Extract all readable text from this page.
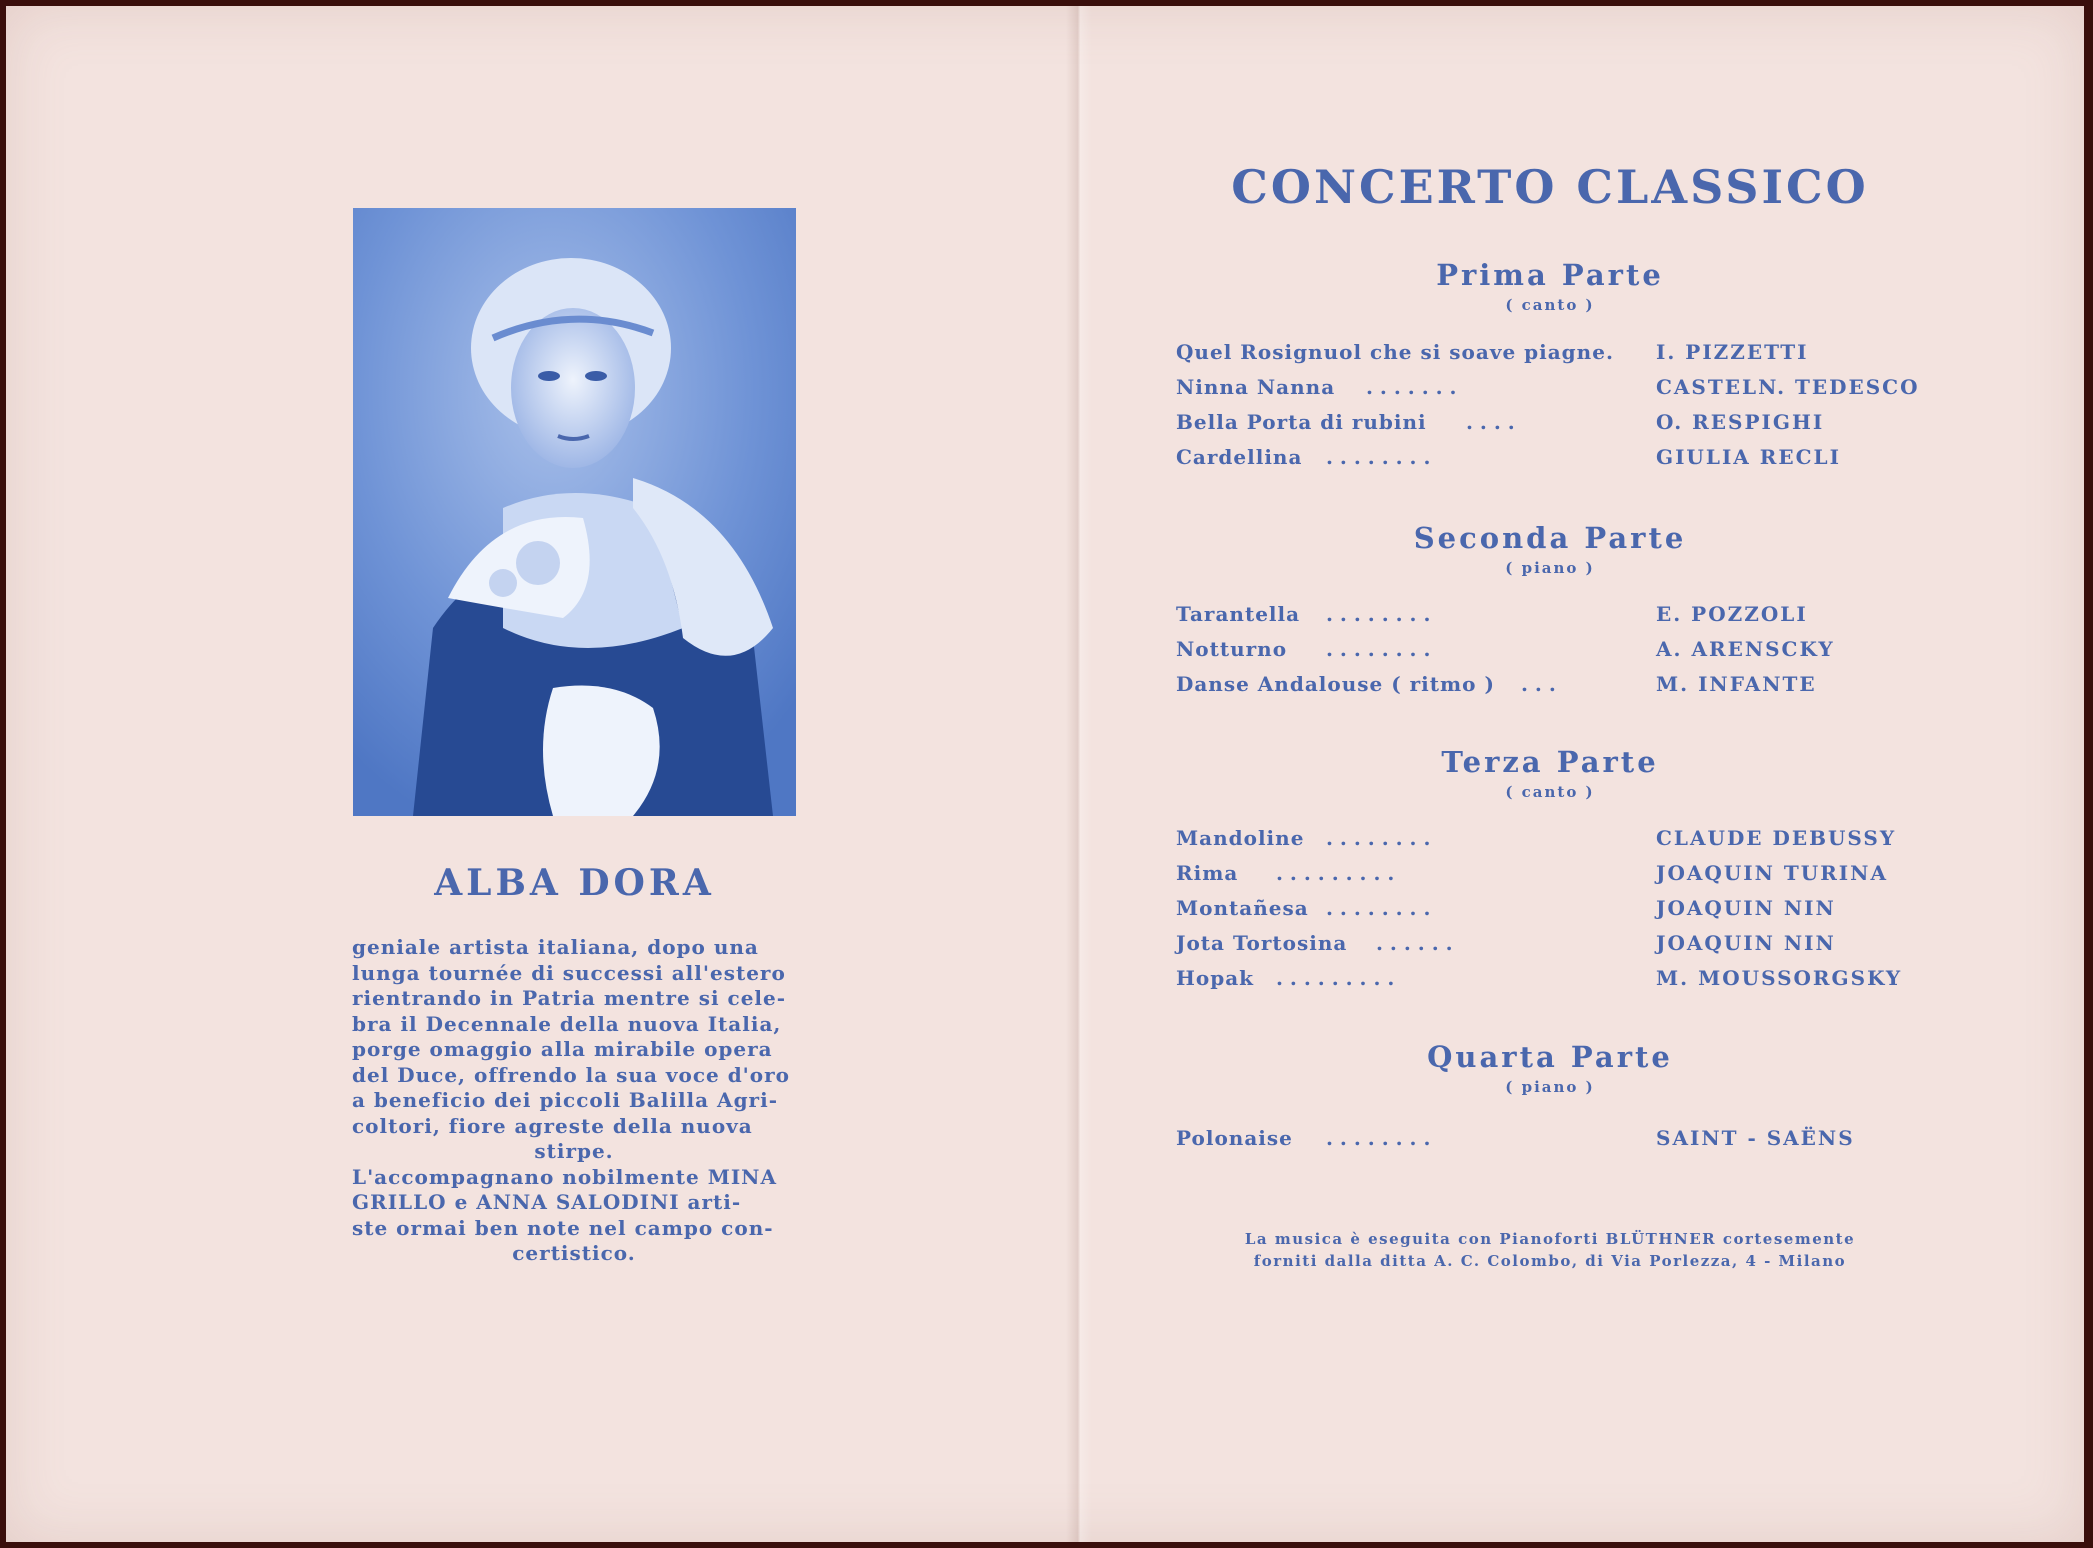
ALBA DORA
geniale artista italiana, dopo una
lunga tournée di successi all'estero
rientrando in Patria mentre si cele-
bra il Decennale della nuova Italia,
porge omaggio alla mirabile opera
del Duce, offrendo la sua voce d'oro
a beneficio dei piccoli Balilla Agri-
coltori, fiore agreste della nuova
stirpe.
L'accompagnano nobilmente MINA
GRILLO e ANNA SALODINI arti-
ste ormai ben note nel campo con-
certistico.
CONCERTO CLASSICO
Prima Parte
( canto )
Quel Rosignuol che si soave piagne . I. PIZZETTI
Ninna Nanna . . . . . . .	CASTELN. TEDESCO
Bella Porta di rubini . . . .	O. RESPIGHI
Cardellina . . . . . . . .	GIULIA RECLI
Seconda Parte
( piano )
Tarantella . . . . . . . .	E. POZZOLI
Notturno . . . . . . . .	A. ARENSCKY
Danse Andalouse ( ritmo ) . . .	M. INFANTE
Terza Parte
( canto )
Mandoline . . . . . . . .	CLAUDE DEBUSSY
Rima . . . . . . . . .	JOAQUIN TURINA
Montañesa . . . . . . . .	JOAQUIN NIN
Jota Tortosina . . . . . .	JOAQUIN NIN
Hopak . . . . . . . . .	M. MOUSSORGSKY
Quarta Parte
( piano )
Polonaise . . . . . . . .	SAINT - SAËNS
La musica è eseguita con Pianoforti BLÜTHNER cortesemente
forniti dalla ditta A. C. Colombo, di Via Porlezza, 4 - Milano
